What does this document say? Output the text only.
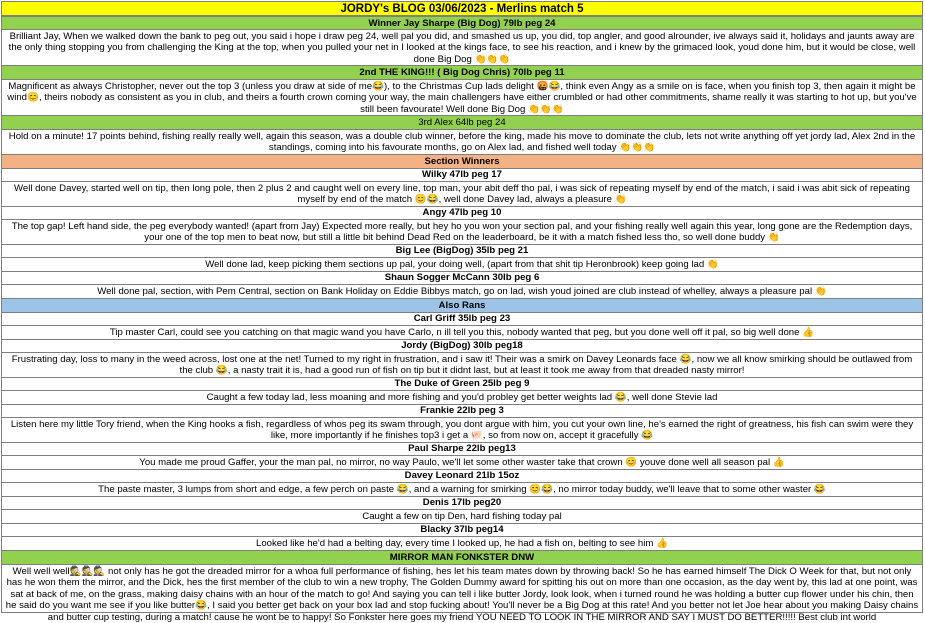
JORDY's BLOG 03/06/2023 - Merlins match 5
Winner Jay Sharpe (Big Dog) 79lb peg 24
Brilliant Jay, When we walked down the bank to peg out, you said i hope i draw peg 24, well pal you did, and smashed us up, you did, top angler, and good alrounder, ive always said it, holidays and jaunts away are the only thing stopping you from challenging the King at the top, when you pulled your net in I looked at the kings face, to see his reaction, and i knew by the grimaced look, youd done him, but it would be close, well done Big Dog 👏👏👏
2nd THE KING!!! ( Big Dog Chris) 70lb peg 11
Magnificent as always Christopher, never out the top 3 (unless you draw at side of me😂), to the Christmas Cup lads delight 🤬😂, think even Angy as a smile on is face, when you finish top 3, then again it might be wind😊, theirs nobody as consistent as you in club, and theirs a fourth crown coming your way, the main challengers have either crumbled or had other commitments, shame really it was starting to hot up, but you've still been favourate! Well done Big Dog 👏👏👏
3rd Alex 64lb peg 24
Hold on a minute! 17 points behind, fishing really really well, again this season, was a double club winner, before the king, made his move to dominate the club, lets not write anything off yet jordy lad, Alex 2nd in the standings, coming into his favourate months, go on Alex lad, and fished well today 👏👏👏
Section Winners
Wilky 47lb peg 17
Well done Davey, started well on tip, then long pole, then 2 plus 2 and caught well on every line, top man, your abit deff tho pal, i was sick of repeating myself by end of the match, i said i was abit sick of repeating myself by end of the match 😊😂, well done Davey lad, always a pleasure 👏
Angy 47lb peg 10
The top gap! Left hand side, the peg everybody wanted! (apart from Jay) Expected more really, but hey ho you won your section pal, and your fishing really well again this year, long gone are the Redemption days, your one of the top men to beat now, but still a little bit behind Dead Red on the leaderboard, be it with a match fished less tho, so well done buddy 👏
Big Lee (BigDog) 35lb peg 21
Well done lad, keep picking them sections up pal, your doing well, (apart from that shit tip Heronbrook) keep going lad 👏
Shaun Sogger McCann 30lb peg 6
Well done pal, section, with Pem Central, section on Bank Holiday on Eddie Bibbys match, go on lad, wish youd joined are club instead of whelley, always a pleasure pal 👏
Also Rans
Carl Griff 35lb peg 23
Tip master Carl, could see you catching on that magic wand you have Carlo, n ill tell you this, nobody wanted that peg, but you done well off it pal, so big well done 👍
Jordy (BigDog) 30lb peg18
Frustrating day, loss to many in the weed across, lost one at the net! Turned to my right in frustration, and i saw it! Their was a smirk on Davey Leonards face 😂, now we all know smirking should be outlawed from the club 😂, a nasty trait it is, had a good run of fish on tip but it didnt last, but at least it took me away from that dreaded nasty mirror!
The Duke of Green 25lb peg 9
Caught a few today lad, less moaning and more fishing and you'd probley get better weights lad 😂, well done Stevie lad
Frankie 22lb peg 3
Listen here my little Tory friend, when the King hooks a fish, regardless of whos peg its swam through, you dont argue with him, you cut your own line, he's earned the right of greatness, his fish can swim were they like, more importantly if he finishes top3 i get a 🐖, so from now on, accept it gracefully 😂
Paul Sharpe 22lb peg13
You made me proud Gaffer, your the man pal, no mirror, no way Paulo, we'll let some other waster take that crown 😊 youve done well all season pal 👍
Davey Leonard 21lb 15oz
The paste master, 3 lumps from short and edge, a few perch on paste 😂, and a warning for smirking 😊😂, no mirror today buddy, we'll leave that to some other waster 😂
Denis 17lb peg20
Caught a few on tip Den, hard fishing today pal
Blacky 37lb peg14
Looked like he'd had a belting day, every time I looked up, he had a fish on, belting to see him 👍
MIRROR MAN FONKSTER DNW
Well well well🕵🕵🕵 not only has he got the dreaded mirror for a whoa full performance of fishing, hes let his team mates down by throwing back! So he has earned himself The Dick O Week for that, but not only has he won them the mirror, and the Dick, hes the first member of the club to win a new trophy, The Golden Dummy award for spitting his out on more than one occasion, as the day went by, this lad at one point, was sat at back of me, on the grass, making daisy chains with an hour of the match to go! And saying you can tell i like butter Jordy, look look, when i turned round he was holding a butter cup flower under his chin, then he said do you want me see if you like butter😂, I said you better get back on your box lad and stop fucking about! You'll never be a Big Dog at this rate! And you better not let Joe hear about you making Daisy chains and butter cup testing, during a match! cause he wont be to happy! So Fonkster here goes my friend YOU NEED TO LOOK IN THE MIRROR AND SAY I MUST DO BETTER!!!!! Best club int world
